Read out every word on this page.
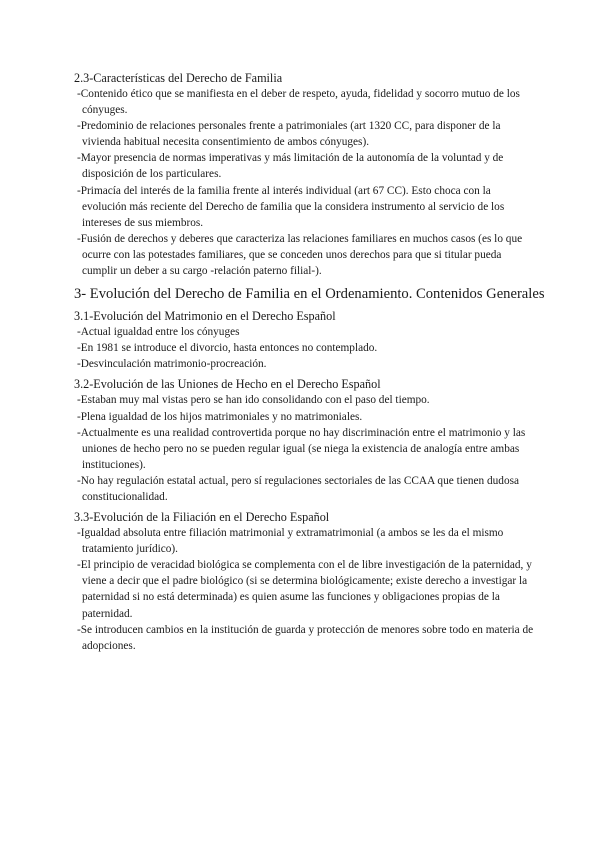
2.3-Características del Derecho de Familia
-Contenido ético que se manifiesta en el deber de respeto, ayuda, fidelidad y socorro mutuo de los cónyuges.
-Predominio de relaciones personales frente a patrimoniales (art 1320 CC, para disponer de la vivienda habitual necesita consentimiento de ambos cónyuges).
-Mayor presencia de normas imperativas y más limitación de la autonomía de la voluntad y de disposición de los particulares.
-Primacía del interés de la familia frente al interés individual (art 67 CC). Esto choca con la evolución más reciente del Derecho de familia que la considera instrumento al servicio de los intereses de sus miembros.
-Fusión de derechos y deberes que caracteriza las relaciones familiares en muchos casos (es lo que ocurre con las potestades familiares, que se conceden unos derechos para que si titular pueda cumplir un deber a su cargo -relación paterno filial-).
3- Evolución del Derecho de Familia en el Ordenamiento. Contenidos Generales
3.1-Evolución del Matrimonio en el Derecho Español
-Actual igualdad entre los cónyuges
-En 1981 se introduce el divorcio, hasta entonces no contemplado.
-Desvinculación matrimonio-procreación.
3.2-Evolución de las Uniones de Hecho en el Derecho Español
-Estaban muy mal vistas pero se han ido consolidando con el paso del tiempo.
-Plena igualdad de los hijos matrimoniales y no matrimoniales.
-Actualmente es una realidad controvertida porque no hay discriminación entre el matrimonio y las uniones de hecho pero no se pueden regular igual (se niega la existencia de analogía entre ambas instituciones).
-No hay regulación estatal actual, pero sí regulaciones sectoriales de las CCAA que tienen dudosa constitucionalidad.
3.3-Evolución de la Filiación en el Derecho Español
-Igualdad absoluta entre filiación matrimonial y extramatrimonial (a ambos se les da el mismo tratamiento jurídico).
-El principio de veracidad biológica se complementa con el de libre investigación de la paternidad, y viene a decir que el padre biológico (si se determina biológicamente; existe derecho a investigar la paternidad si no está determinada) es quien asume las funciones y obligaciones propias de la paternidad.
-Se introducen cambios en la institución de guarda y protección de menores sobre todo en materia de adopciones.
